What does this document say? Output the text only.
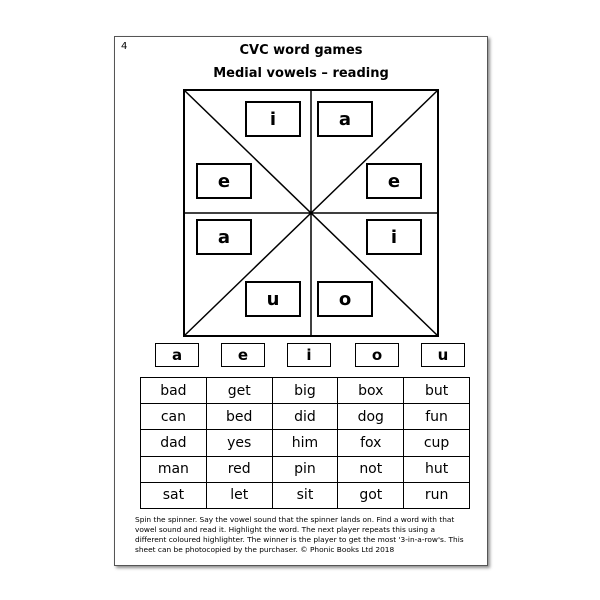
4	CVC word games
Medial vowels – reading
i	a
e	e
a	i
u	o
a	e	i	o	u
bad	get	big	box	but
can	bed	did	dog	fun
dad	yes	him	fox	cup
man	red	pin	not	hut
sat	let	sit	got	run
Spin the spinner. Say the vowel sound that the spinner lands on. Find a word with that vowel sound and read it. Highlight the word. The next player repeats this using a different coloured highlighter. The winner is the player to get the most '3-in-a-row's. This sheet can be photocopied by the purchaser. © Phonic Books Ltd 2018
